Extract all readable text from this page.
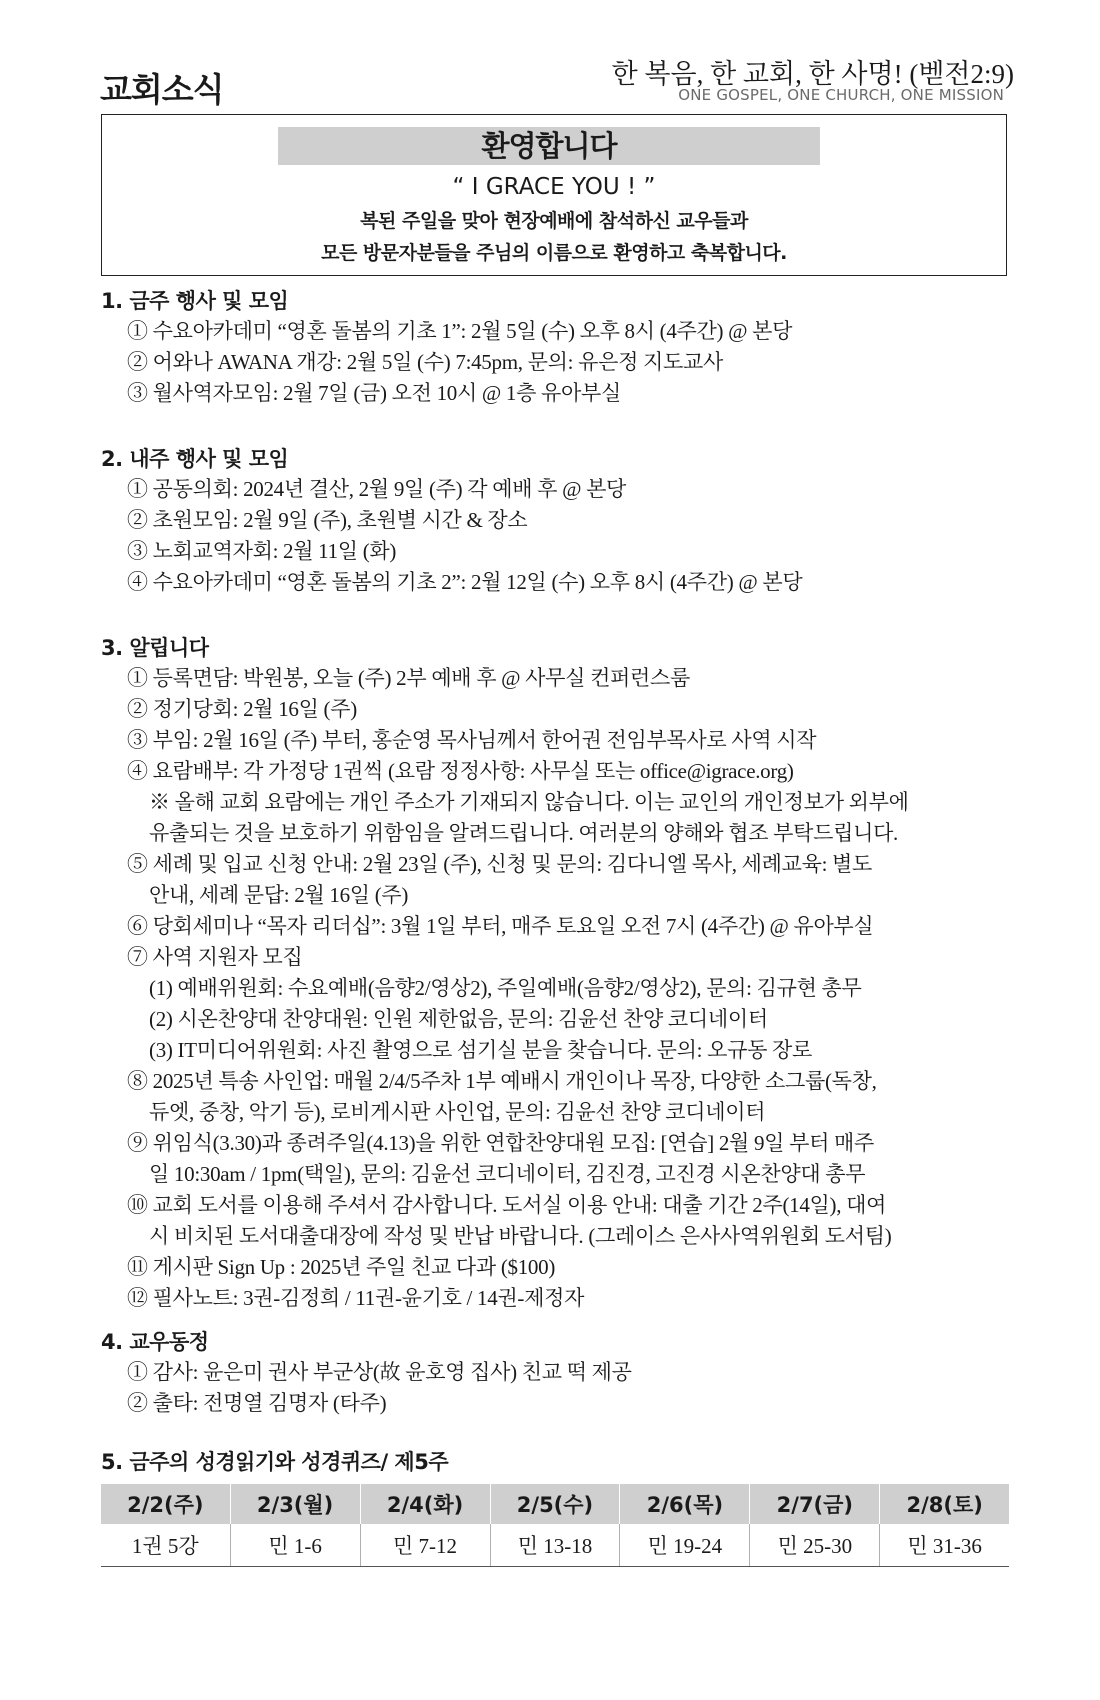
교회소식	한 복음, 한 교회, 한 사명! (벧전2:9)
ONE GOSPEL, ONE CHURCH, ONE MISSION
환영합니다
“ I GRACE YOU ! ”
복된 주일을 맞아 현장예배에 참석하신 교우들과
모든 방문자분들을 주님의 이름으로 환영하고 축복합니다.
1. 금주 행사 및 모임
① 수요아카데미 “영혼 돌봄의 기초 1”: 2월 5일 (수) 오후 8시 (4주간) @ 본당
② 어와나 AWANA 개강: 2월 5일 (수) 7:45pm, 문의: 유은정 지도교사
③ 월사역자모임: 2월 7일 (금) 오전 10시 @ 1층 유아부실
2. 내주 행사 및 모임
① 공동의회: 2024년 결산, 2월 9일 (주) 각 예배 후 @ 본당
② 초원모임: 2월 9일 (주), 초원별 시간 & 장소
③ 노회교역자회: 2월 11일 (화)
④ 수요아카데미 “영혼 돌봄의 기초 2”: 2월 12일 (수) 오후 8시 (4주간) @ 본당
3. 알립니다
① 등록면담: 박원봉, 오늘 (주) 2부 예배 후 @ 사무실 컨퍼런스룸
② 정기당회: 2월 16일 (주)
③ 부임: 2월 16일 (주) 부터, 홍순영 목사님께서 한어권 전임부목사로 사역 시작
④ 요람배부: 각 가정당 1권씩 (요람 정정사항: 사무실 또는 office@igrace.org)
※ 올해 교회 요람에는 개인 주소가 기재되지 않습니다. 이는 교인의 개인정보가 외부에
유출되는 것을 보호하기 위함임을 알려드립니다. 여러분의 양해와 협조 부탁드립니다.
⑤ 세례 및 입교 신청 안내: 2월 23일 (주), 신청 및 문의: 김다니엘 목사, 세례교육: 별도
안내, 세례 문답: 2월 16일 (주)
⑥ 당회세미나 “목자 리더십”: 3월 1일 부터, 매주 토요일 오전 7시 (4주간) @ 유아부실
⑦ 사역 지원자 모집
(1) 예배위원회: 수요예배(음향2/영상2), 주일예배(음향2/영상2), 문의: 김규현 총무
(2) 시온찬양대 찬양대원: 인원 제한없음, 문의: 김윤선 찬양 코디네이터
(3) IT미디어위원회: 사진 촬영으로 섬기실 분을 찾습니다. 문의: 오규동 장로
⑧ 2025년 특송 사인업: 매월 2/4/5주차 1부 예배시 개인이나 목장, 다양한 소그룹(독창,
듀엣, 중창, 악기 등), 로비게시판 사인업, 문의: 김윤선 찬양 코디네이터
⑨ 위임식(3.30)과 종려주일(4.13)을 위한 연합찬양대원 모집: [연습] 2월 9일 부터 매주
일 10:30am / 1pm(택일), 문의: 김윤선 코디네이터, 김진경, 고진경 시온찬양대 총무
⑩ 교회 도서를 이용해 주셔서 감사합니다. 도서실 이용 안내: 대출 기간 2주(14일), 대여
시 비치된 도서대출대장에 작성 및 반납 바랍니다. (그레이스 은사사역위원회 도서팀)
⑪ 게시판 Sign Up : 2025년 주일 친교 다과 ($100)
⑫ 필사노트: 3권-김정희 / 11권-윤기호 / 14권-제정자
4. 교우동정
① 감사: 윤은미 권사 부군상(故 윤호영 집사) 친교 떡 제공
② 출타: 전명열 김명자 (타주)
5. 금주의 성경읽기와 성경퀴즈/ 제5주
2/2(주)	2/3(월)	2/4(화)	2/5(수)	2/6(목)	2/7(금)	2/8(토)
1권 5강	민 1-6	민 7-12	민 13-18	민 19-24	민 25-30	민 31-36
